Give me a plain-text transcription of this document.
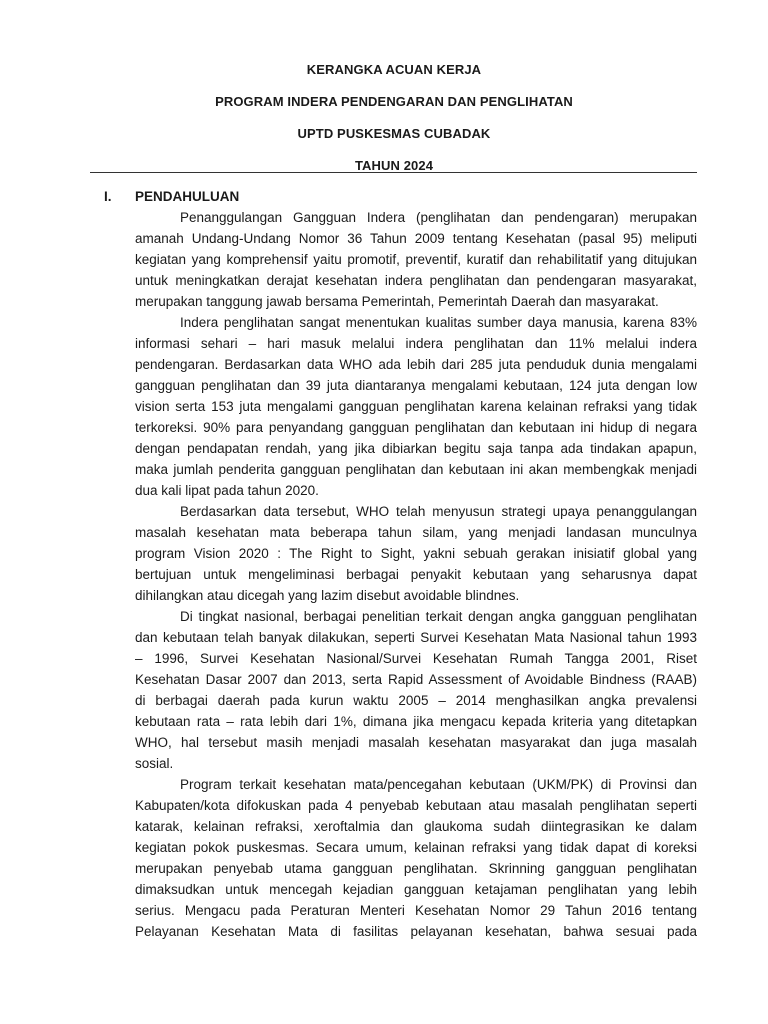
KERANGKA ACUAN KERJA
PROGRAM INDERA PENDENGARAN DAN PENGLIHATAN
UPTD PUSKESMAS CUBADAK
TAHUN 2024
I. PENDAHULUAN
Penanggulangan Gangguan Indera (penglihatan dan pendengaran) merupakan
amanah Undang-Undang Nomor 36 Tahun 2009 tentang Kesehatan (pasal 95) meliputi
kegiatan yang komprehensif yaitu promotif, preventif, kuratif dan rehabilitatif yang ditujukan
untuk meningkatkan derajat kesehatan indera penglihatan dan pendengaran masyarakat,
merupakan tanggung jawab bersama Pemerintah, Pemerintah Daerah dan masyarakat.
Indera penglihatan sangat menentukan kualitas sumber daya manusia, karena 83%
informasi sehari – hari masuk melalui indera penglihatan dan 11% melalui indera
pendengaran. Berdasarkan data WHO ada lebih dari 285 juta penduduk dunia mengalami
gangguan penglihatan dan 39 juta diantaranya mengalami kebutaan, 124 juta dengan low
vision serta 153 juta mengalami gangguan penglihatan karena kelainan refraksi yang tidak
terkoreksi. 90% para penyandang gangguan penglihatan dan kebutaan ini hidup di negara
dengan pendapatan rendah, yang jika dibiarkan begitu saja tanpa ada tindakan apapun,
maka jumlah penderita gangguan penglihatan dan kebutaan ini akan membengkak menjadi
dua kali lipat pada tahun 2020.
Berdasarkan data tersebut, WHO telah menyusun strategi upaya penanggulangan
masalah kesehatan mata beberapa tahun silam, yang menjadi landasan munculnya
program Vision 2020 : The Right to Sight, yakni sebuah gerakan inisiatif global yang
bertujuan untuk mengeliminasi berbagai penyakit kebutaan yang seharusnya dapat
dihilangkan atau dicegah yang lazim disebut avoidable blindnes.
Di tingkat nasional, berbagai penelitian terkait dengan angka gangguan penglihatan
dan kebutaan telah banyak dilakukan, seperti Survei Kesehatan Mata Nasional tahun 1993
– 1996, Survei Kesehatan Nasional/Survei Kesehatan Rumah Tangga 2001, Riset
Kesehatan Dasar 2007 dan 2013, serta Rapid Assessment of Avoidable Bindness (RAAB)
di berbagai daerah pada kurun waktu 2005 – 2014 menghasilkan angka prevalensi
kebutaan rata – rata lebih dari 1%, dimana jika mengacu kepada kriteria yang ditetapkan
WHO, hal tersebut masih menjadi masalah kesehatan masyarakat dan juga masalah
sosial.
Program terkait kesehatan mata/pencegahan kebutaan (UKM/PK) di Provinsi dan
Kabupaten/kota difokuskan pada 4 penyebab kebutaan atau masalah penglihatan seperti
katarak, kelainan refraksi, xeroftalmia dan glaukoma sudah diintegrasikan ke dalam
kegiatan pokok puskesmas. Secara umum, kelainan refraksi yang tidak dapat di koreksi
merupakan penyebab utama gangguan penglihatan. Skrinning gangguan penglihatan
dimaksudkan untuk mencegah kejadian gangguan ketajaman penglihatan yang lebih
serius. Mengacu pada Peraturan Menteri Kesehatan Nomor 29 Tahun 2016 tentang
Pelayanan Kesehatan Mata di fasilitas pelayanan kesehatan, bahwa sesuai pada
